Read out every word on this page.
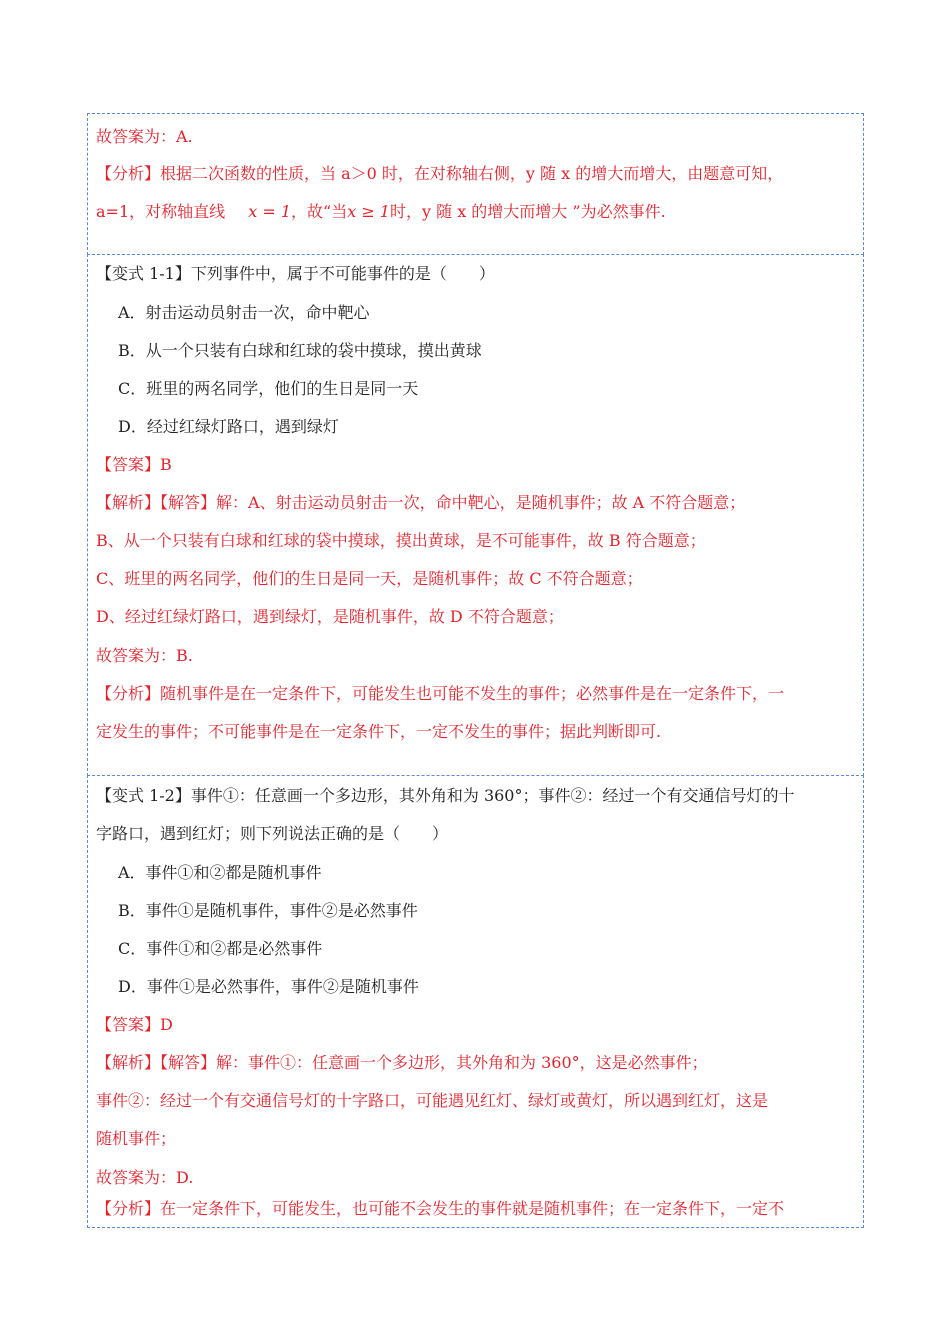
故答案为：A.
【分析】根据二次函数的性质，当 a＞0 时，在对称轴右侧，y 随 x 的增大而增大，由题意可知，
a=1，对称轴直线 x = 1，故“当x ≥ 1时，y 随 x 的增大而增大 ”为必然事件.
【变式 1-1】下列事件中，属于不可能事件的是（　　）
A．射击运动员射击一次，命中靶心
B．从一个只装有白球和红球的袋中摸球，摸出黄球
C．班里的两名同学，他们的生日是同一天
D．经过红绿灯路口，遇到绿灯
【答案】B
【解析】【解答】解：A、射击运动员射击一次，命中靶心，是随机事件；故 A 不符合题意；
B、从一个只装有白球和红球的袋中摸球，摸出黄球，是不可能事件，故 B 符合题意；
C、班里的两名同学，他们的生日是同一天，是随机事件；故 C 不符合题意；
D、经过红绿灯路口，遇到绿灯，是随机事件，故 D 不符合题意；
故答案为：B.
【分析】随机事件是在一定条件下，可能发生也可能不发生的事件；必然事件是在一定条件下，一
定发生的事件；不可能事件是在一定条件下，一定不发生的事件；据此判断即可.
【变式 1-2】事件①：任意画一个多边形，其外角和为 360°；事件②：经过一个有交通信号灯的十
字路口，遇到红灯；则下列说法正确的是（　　）
A．事件①和②都是随机事件
B．事件①是随机事件，事件②是必然事件
C．事件①和②都是必然事件
D．事件①是必然事件，事件②是随机事件
【答案】D
【解析】【解答】解：事件①：任意画一个多边形，其外角和为 360°，这是必然事件；
事件②：经过一个有交通信号灯的十字路口，可能遇见红灯、绿灯或黄灯，所以遇到红灯，这是
随机事件；
故答案为：D.
【分析】在一定条件下，可能发生，也可能不会发生的事件就是随机事件；在一定条件下，一定不
